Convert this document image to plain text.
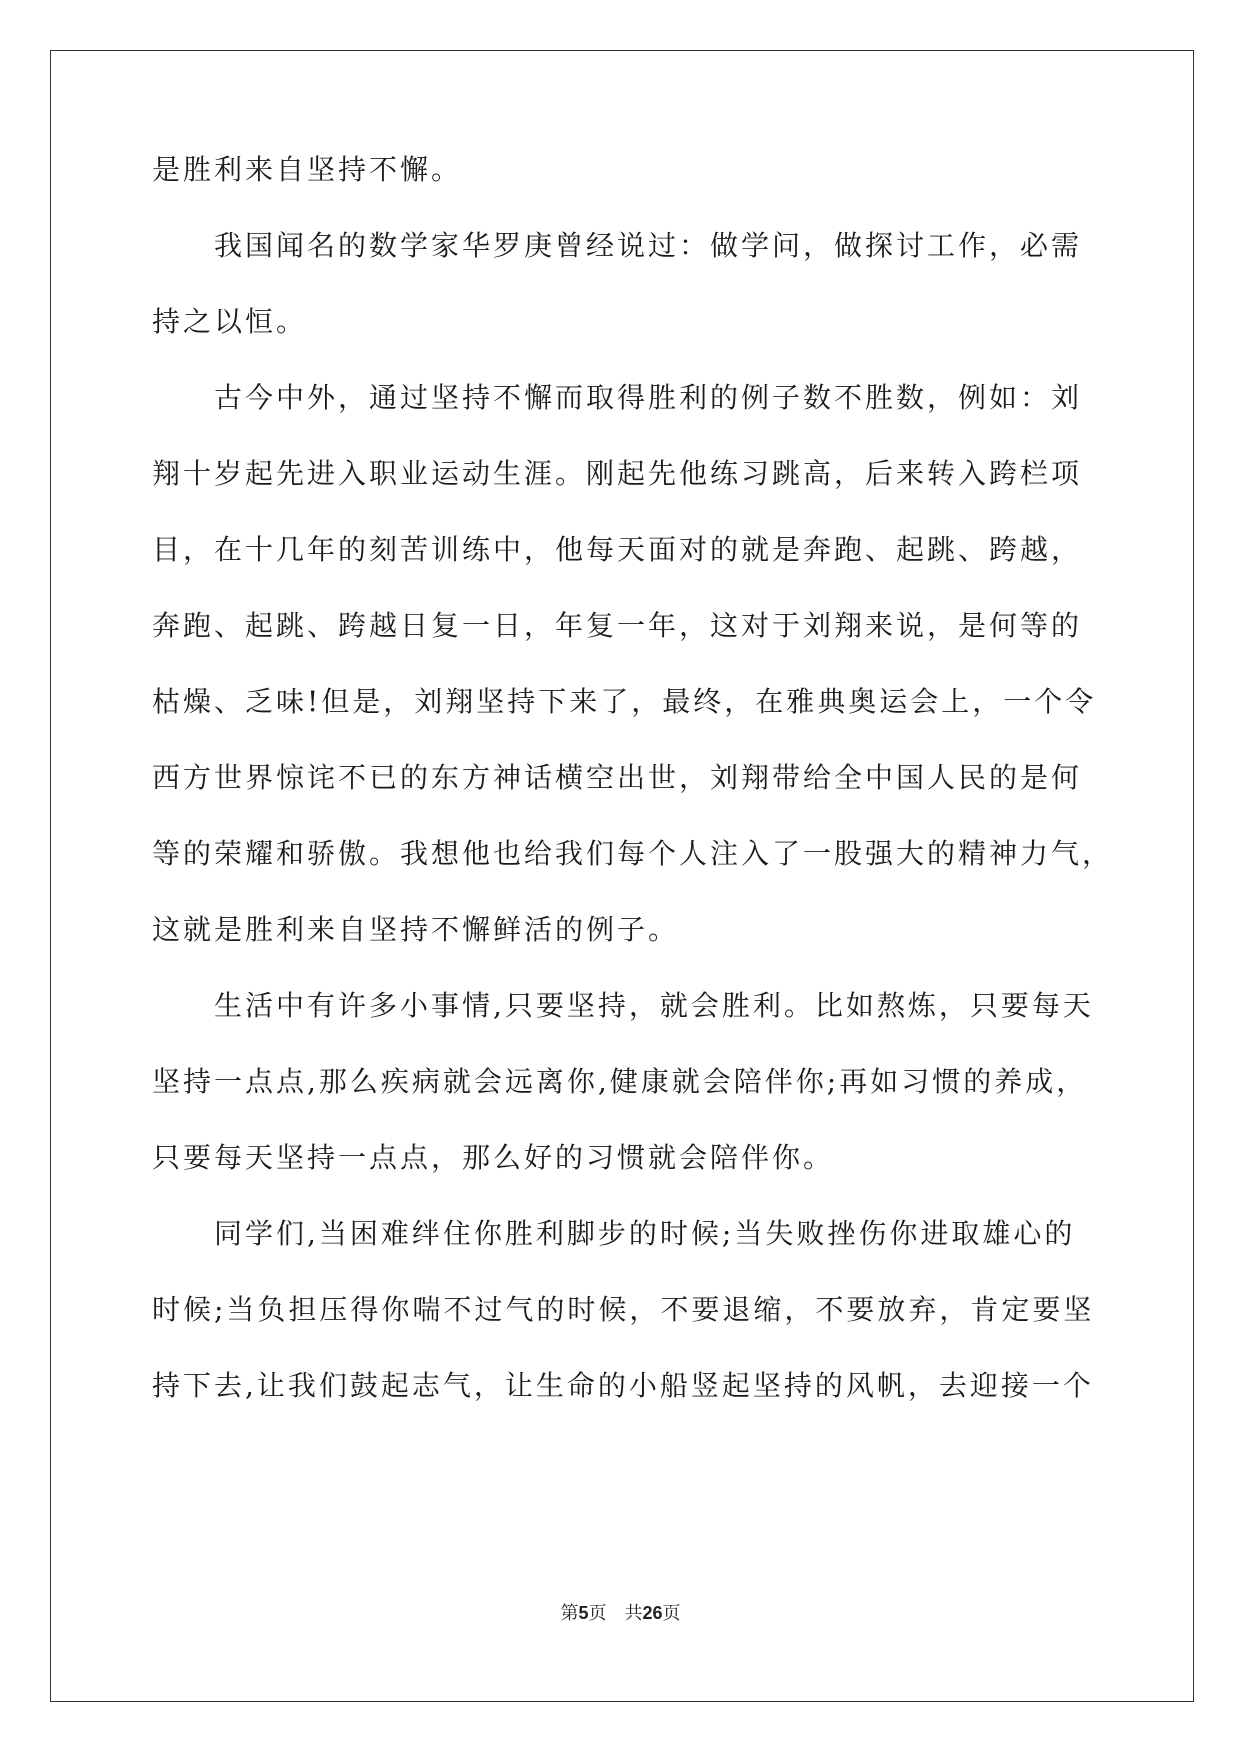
是胜利来自坚持不懈。
我国闻名的数学家华罗庚曾经说过：做学问，做探讨工作，必需
持之以恒。
古今中外，通过坚持不懈而取得胜利的例子数不胜数，例如：刘
翔十岁起先进入职业运动生涯。刚起先他练习跳高，后来转入跨栏项
目，在十几年的刻苦训练中，他每天面对的就是奔跑、起跳、跨越，
奔跑、起跳、跨越日复一日，年复一年，这对于刘翔来说，是何等的
枯燥、乏味!但是，刘翔坚持下来了，最终，在雅典奥运会上，一个令
西方世界惊诧不已的东方神话横空出世，刘翔带给全中国人民的是何
等的荣耀和骄傲。我想他也给我们每个人注入了一股强大的精神力气，
这就是胜利来自坚持不懈鲜活的例子。
生活中有许多小事情,只要坚持，就会胜利。比如熬炼，只要每天
坚持一点点,那么疾病就会远离你,健康就会陪伴你;再如习惯的养成，
只要每天坚持一点点，那么好的习惯就会陪伴你。
同学们,当困难绊住你胜利脚步的时候;当失败挫伤你进取雄心的
时候;当负担压得你喘不过气的时候，不要退缩，不要放弃，肯定要坚
持下去,让我们鼓起志气，让生命的小船竖起坚持的风帆，去迎接一个
第5页　共26页
